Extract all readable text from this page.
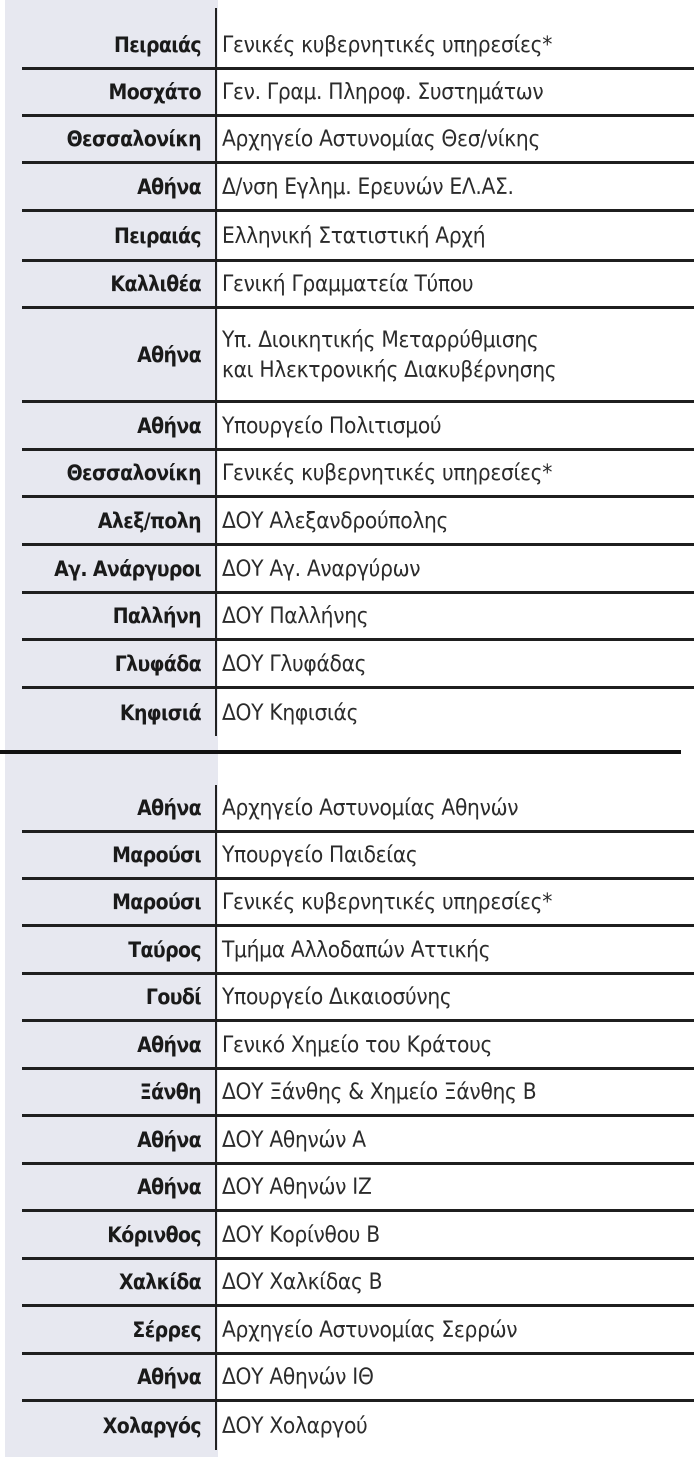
Πειραιάς Γενικές κυβερνητικές υπηρεσίες*
Μοσχάτο Γεν. Γραμ. Πληροφ. Συστημάτων
Θεσσαλονίκη Αρχηγείο Αστυνομίας Θεσ/νίκης
Αθήνα Δ/νση Εγλημ. Ερευνών ΕΛ.ΑΣ.
Πειραιάς Ελληνική Στατιστική Αρχή
Καλλιθέα Γενική Γραμματεία Τύπου
Αθήνα
Υπ. Διοικητικής Μεταρρύθμισης
και Ηλεκτρονικής Διακυβέρνησης
Αθήνα Υπουργείο Πολιτισμού
Θεσσαλονίκη Γενικές κυβερνητικές υπηρεσίες*
Αλεξ/πολη ΔΟΥ Αλεξανδρούπολης
Αγ. Ανάργυροι ΔΟΥ Αγ. Αναργύρων
Παλλήνη ΔΟΥ Παλλήνης
Γλυφάδα ΔΟΥ Γλυφάδας
Κηφισιά ΔΟΥ Κηφισιάς
Αθήνα Αρχηγείο Αστυνομίας Αθηνών
Μαρούσι Υπουργείο Παιδείας
Μαρούσι Γενικές κυβερνητικές υπηρεσίες*
Ταύρος Τμήμα Αλλοδαπών Αττικής
Γουδί Υπουργείο Δικαιοσύνης
Αθήνα Γενικό Χημείο του Κράτους
Ξάνθη ΔΟΥ Ξάνθης & Χημείο Ξάνθης Β
Αθήνα ΔΟΥ Αθηνών Α
Αθήνα ΔΟΥ Αθηνών ΙΖ
Κόρινθος ΔΟΥ Κορίνθου Β
Χαλκίδα ΔΟΥ Χαλκίδας Β
Σέρρες Αρχηγείο Αστυνομίας Σερρών
Αθήνα ΔΟΥ Αθηνών ΙΘ
Χολαργός ΔΟΥ Χολαργού
